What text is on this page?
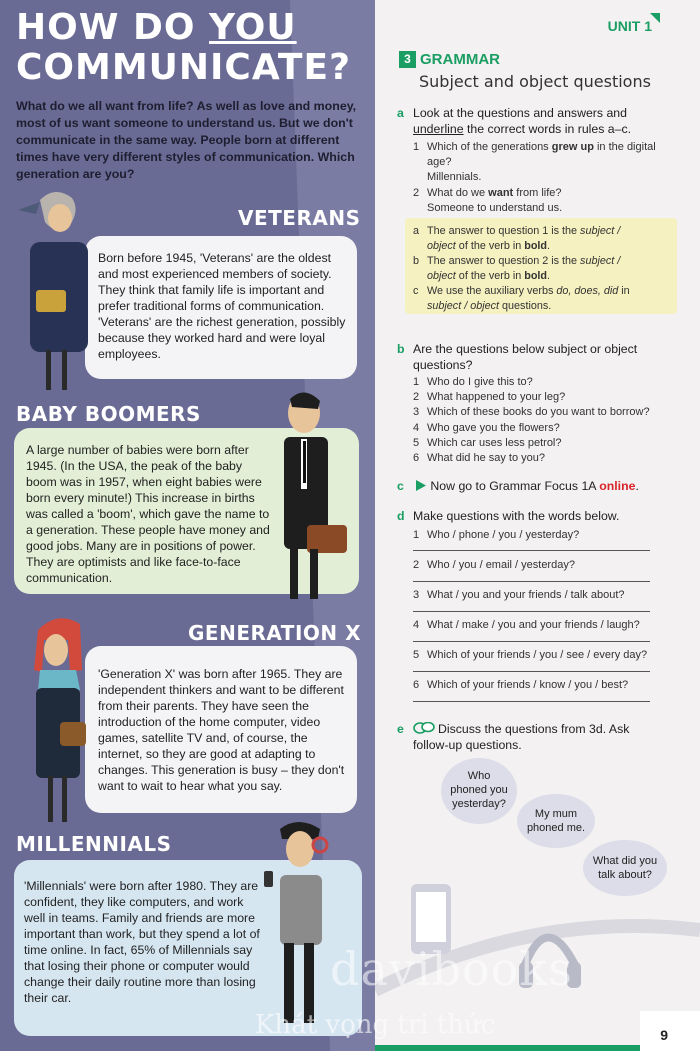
HOW DO YOU
COMMUNICATE?
What do we all want from life? As well as love and money, most of us want someone to understand us. But we don't communicate in the same way. People born at different times have very different styles of communication. Which generation are you?
VETERANS

Born before 1945, 'Veterans' are the oldest and most experienced members of society. They think that family life is important and prefer traditional forms of communication. 'Veterans' are the richest generation, possibly because they worked hard and were loyal employees.

BABY BOOMERS

A large number of babies were born after 1945. (In the USA, the peak of the baby boom was in 1957, when eight babies were born every minute!) This increase in births was called a 'boom', which gave the name to a generation. These people have money and good jobs. Many are in positions of power. They are optimists and like face-to-face communication.

GENERATION X

'Generation X' was born after 1965. They are independent thinkers and want to be different from their parents. They have seen the introduction of the home computer, video games, satellite TV and, of course, the internet, so they are good at adapting to changes. This generation is busy – they don't want to wait to hear what you say.

MILLENNIALS

'Millennials' were born after 1980. They are confident, they like computers, and work well in teams. Family and friends are more important than work, but they spend a lot of time online. In fact, 65% of Millennials say that losing their phone or computer would change their daily routine more than losing their car.

UNIT 1
3 GRAMMAR
Subject and object questions
a Look at the questions and answers and
underline the correct words in rules a–c.
1 Which of the generations grew up in the digital
age?
Millennials.
2 What do we want from life?
Someone to understand us.
a The answer to question 1 is the subject /
object of the verb in bold.
b The answer to question 2 is the subject /
object of the verb in bold.
c We use the auxiliary verbs do, does, did in
subject / object questions.
b Are the questions below subject or object
questions?
1 Who do I give this to?
2 What happened to your leg?
3 Which of these books do you want to borrow?
4 Who gave you the flowers?
5 Which car uses less petrol?
6 What did he say to you?
c Now go to Grammar Focus 1A online.
d Make questions with the words below.
1 Who / phone / you / yesterday?
2 Who / you / email / yesterday?
3 What / you and your friends / talk about?
4 What / make / you and your friends / laugh?
5 Which of your friends / you / see / every day?
6 Which of your friends / know / you / best?
e	Discuss the questions from 3d. Ask
follow-up questions.
Who
phoned you
yesterday?
My mum
phoned me.
What did you
talk about?
davibooks
Khát vọng tri thức	9
